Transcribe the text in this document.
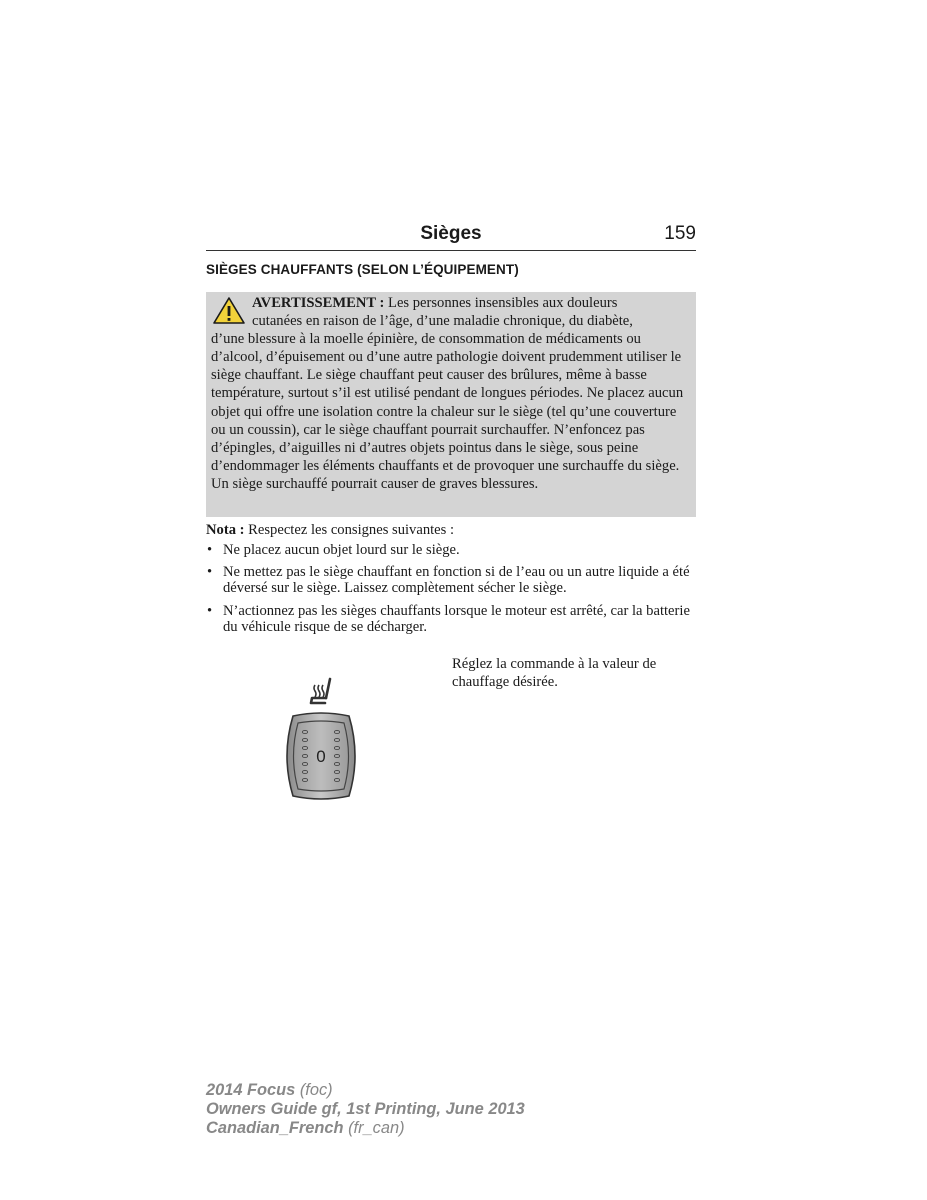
Sièges	159
SIÈGES CHAUFFANTS (SELON L’ÉQUIPEMENT)

AVERTISSEMENT : Les personnes insensibles aux douleurs

cutanées en raison de l’âge, d’une maladie chronique, du diabète,

d’une blessure à la moelle épinière, de consommation de médicaments ou d’alcool, d’épuisement ou d’une autre pathologie doivent prudemment utiliser le siège chauffant. Le siège chauffant peut causer des brûlures, même à basse température, surtout s’il est utilisé pendant de longues périodes. Ne placez aucun objet qui offre une isolation contre la chaleur sur le siège (tel qu’une couverture ou un coussin), car le siège chauffant pourrait surchauffer. N’enfoncez pas d’épingles, d’aiguilles ni d’autres objets pointus dans le siège, sous peine d’endommager les éléments chauffants et de provoquer une surchauffe du siège. Un siège surchauffé pourrait causer de graves blessures.

Nota : Respectez les consignes suivantes :
• Ne placez aucun objet lourd sur le siège.
• Ne mettez pas le siège chauffant en fonction si de l’eau ou un autre liquide a été déversé sur le siège. Laissez complètement sécher le siège.
• N’actionnez pas les sièges chauffants lorsque le moteur est arrêté, car la batterie du véhicule risque de se décharger.
Réglez la commande à la valeur de chauffage désirée.
0
2014 Focus (foc)
Owners Guide gf, 1st Printing, June 2013
Canadian_French (fr_can)
